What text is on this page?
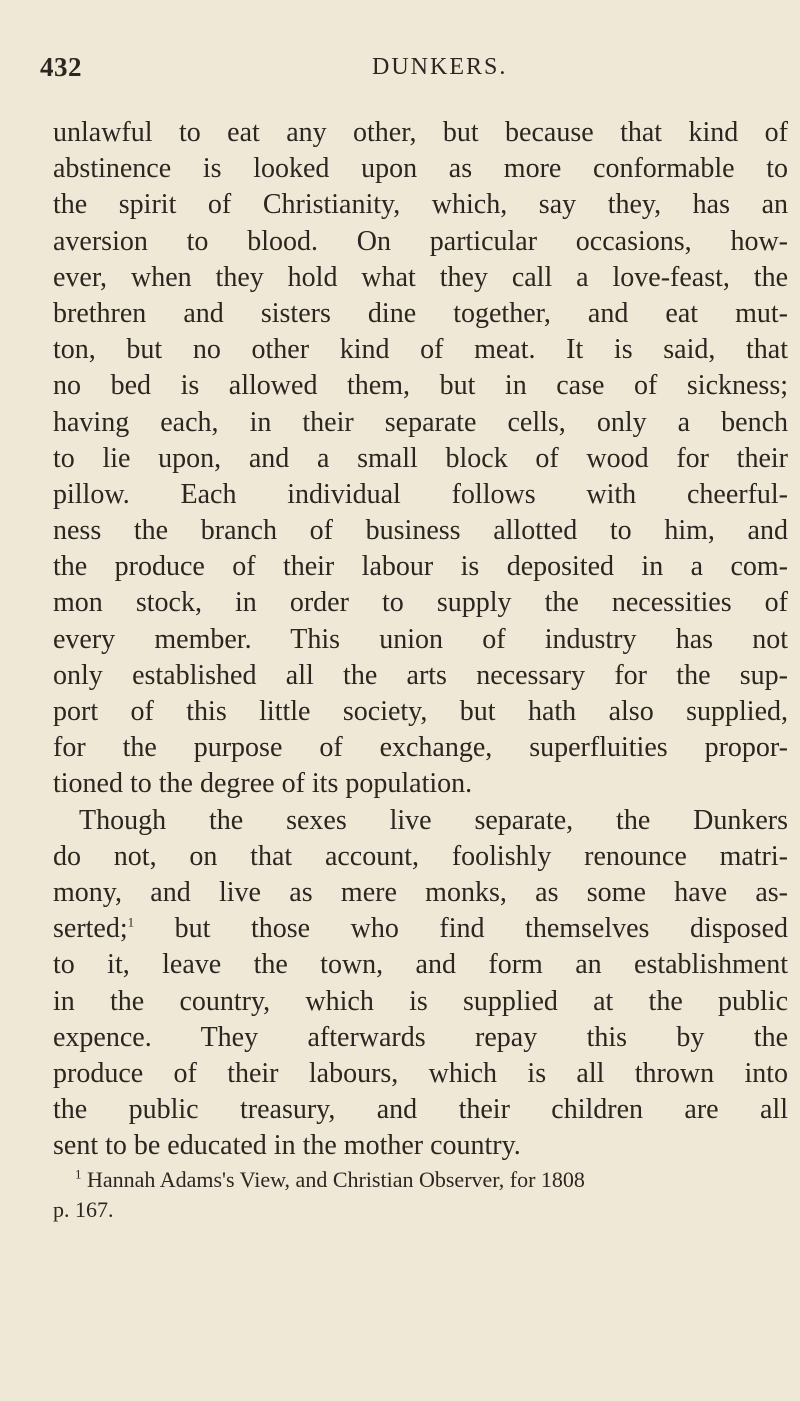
432	DUNKERS.
unlawful to eat any other, but because that kind of
abstinence is looked upon as more conformable to
the spirit of Christianity, which, say they, has an
aversion to blood. On particular occasions, how-
ever, when they hold what they call a love-feast, the
brethren and sisters dine together, and eat mut-
ton, but no other kind of meat. It is said, that
no bed is allowed them, but in case of sickness;
having each, in their separate cells, only a bench
to lie upon, and a small block of wood for their
pillow. Each individual follows with cheerful-
ness the branch of business allotted to him, and
the produce of their labour is deposited in a com-
mon stock, in order to supply the necessities of
every member. This union of industry has not
only established all the arts necessary for the sup-
port of this little society, but hath also supplied,
for the purpose of exchange, superfluities propor-
tioned to the degree of its population.
Though the sexes live separate, the Dunkers
do not, on that account, foolishly renounce matri-
mony, and live as mere monks, as some have as-
serted;$^1$ but those who find themselves disposed
to it, leave the town, and form an establishment
in the country, which is supplied at the public
expence. They afterwards repay this by the
produce of their labours, which is all thrown into
the public treasury, and their children are all
sent to be educated in the mother country.
$^1$ Hannah Adams's View, and Christian Observer, for 1808
p. 167.
